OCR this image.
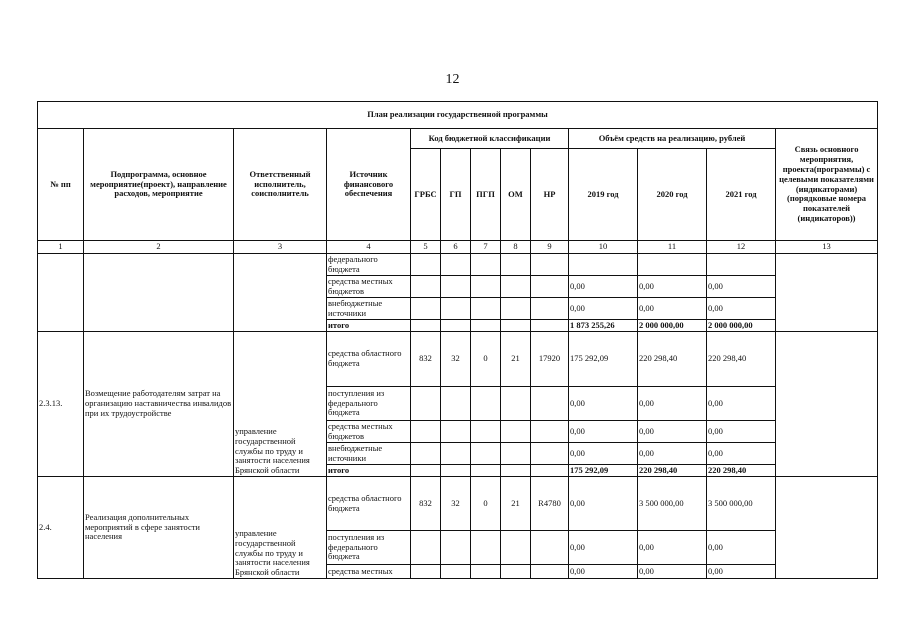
12
План реализации государственной программы												
№ пп	Подпрограмма, основное мероприятие(проект), направление расходов, мероприятие	Ответственный исполнитель, соисполнитель	Источник финансового обеспечения	Код бюджетной классификации					Объём средств на реализацию, рублей			Связь основного мероприятия, проекта(программы) с целевыми показателями (индикаторами) (порядковые номера показателей (индикаторов))
				ГРБС	ГП	ПГП	ОМ	НР	2019 год	2020 год	2021 год	
1	2	3	4	5	6	7	8	9	10	11	12	13
			федерального бюджета									
			средства местных бюджетов						0,00	0,00	0,00	
			внебюджетные источники						0,00	0,00	0,00	
			итого						1 873 255,26	2 000 000,00	2 000 000,00	
2.3.13.	Возмещение работодателям затрат на организацию наставничества инвалидов при их трудоустройстве	управление государственной службы по труду и занятости населения Брянской области	средства областного бюджета	832	32	0	21	17920	175 292,09	220 298,40	220 298,40	
			поступления из федерального бюджета						0,00	0,00	0,00	
			средства местных бюджетов						0,00	0,00	0,00	
			внебюджетные источники						0,00	0,00	0,00	
			итого						175 292,09	220 298,40	220 298,40	
2.4.	Реализация дополнительных мероприятий в сфере занятости населения	управление государственной службы по труду и занятости населения Брянской области	средства областного бюджета	832	32	0	21	R4780	0,00	3 500 000,00	3 500 000,00	
			поступления из федерального бюджета						0,00	0,00	0,00	
			средства местных						0,00	0,00	0,00	
